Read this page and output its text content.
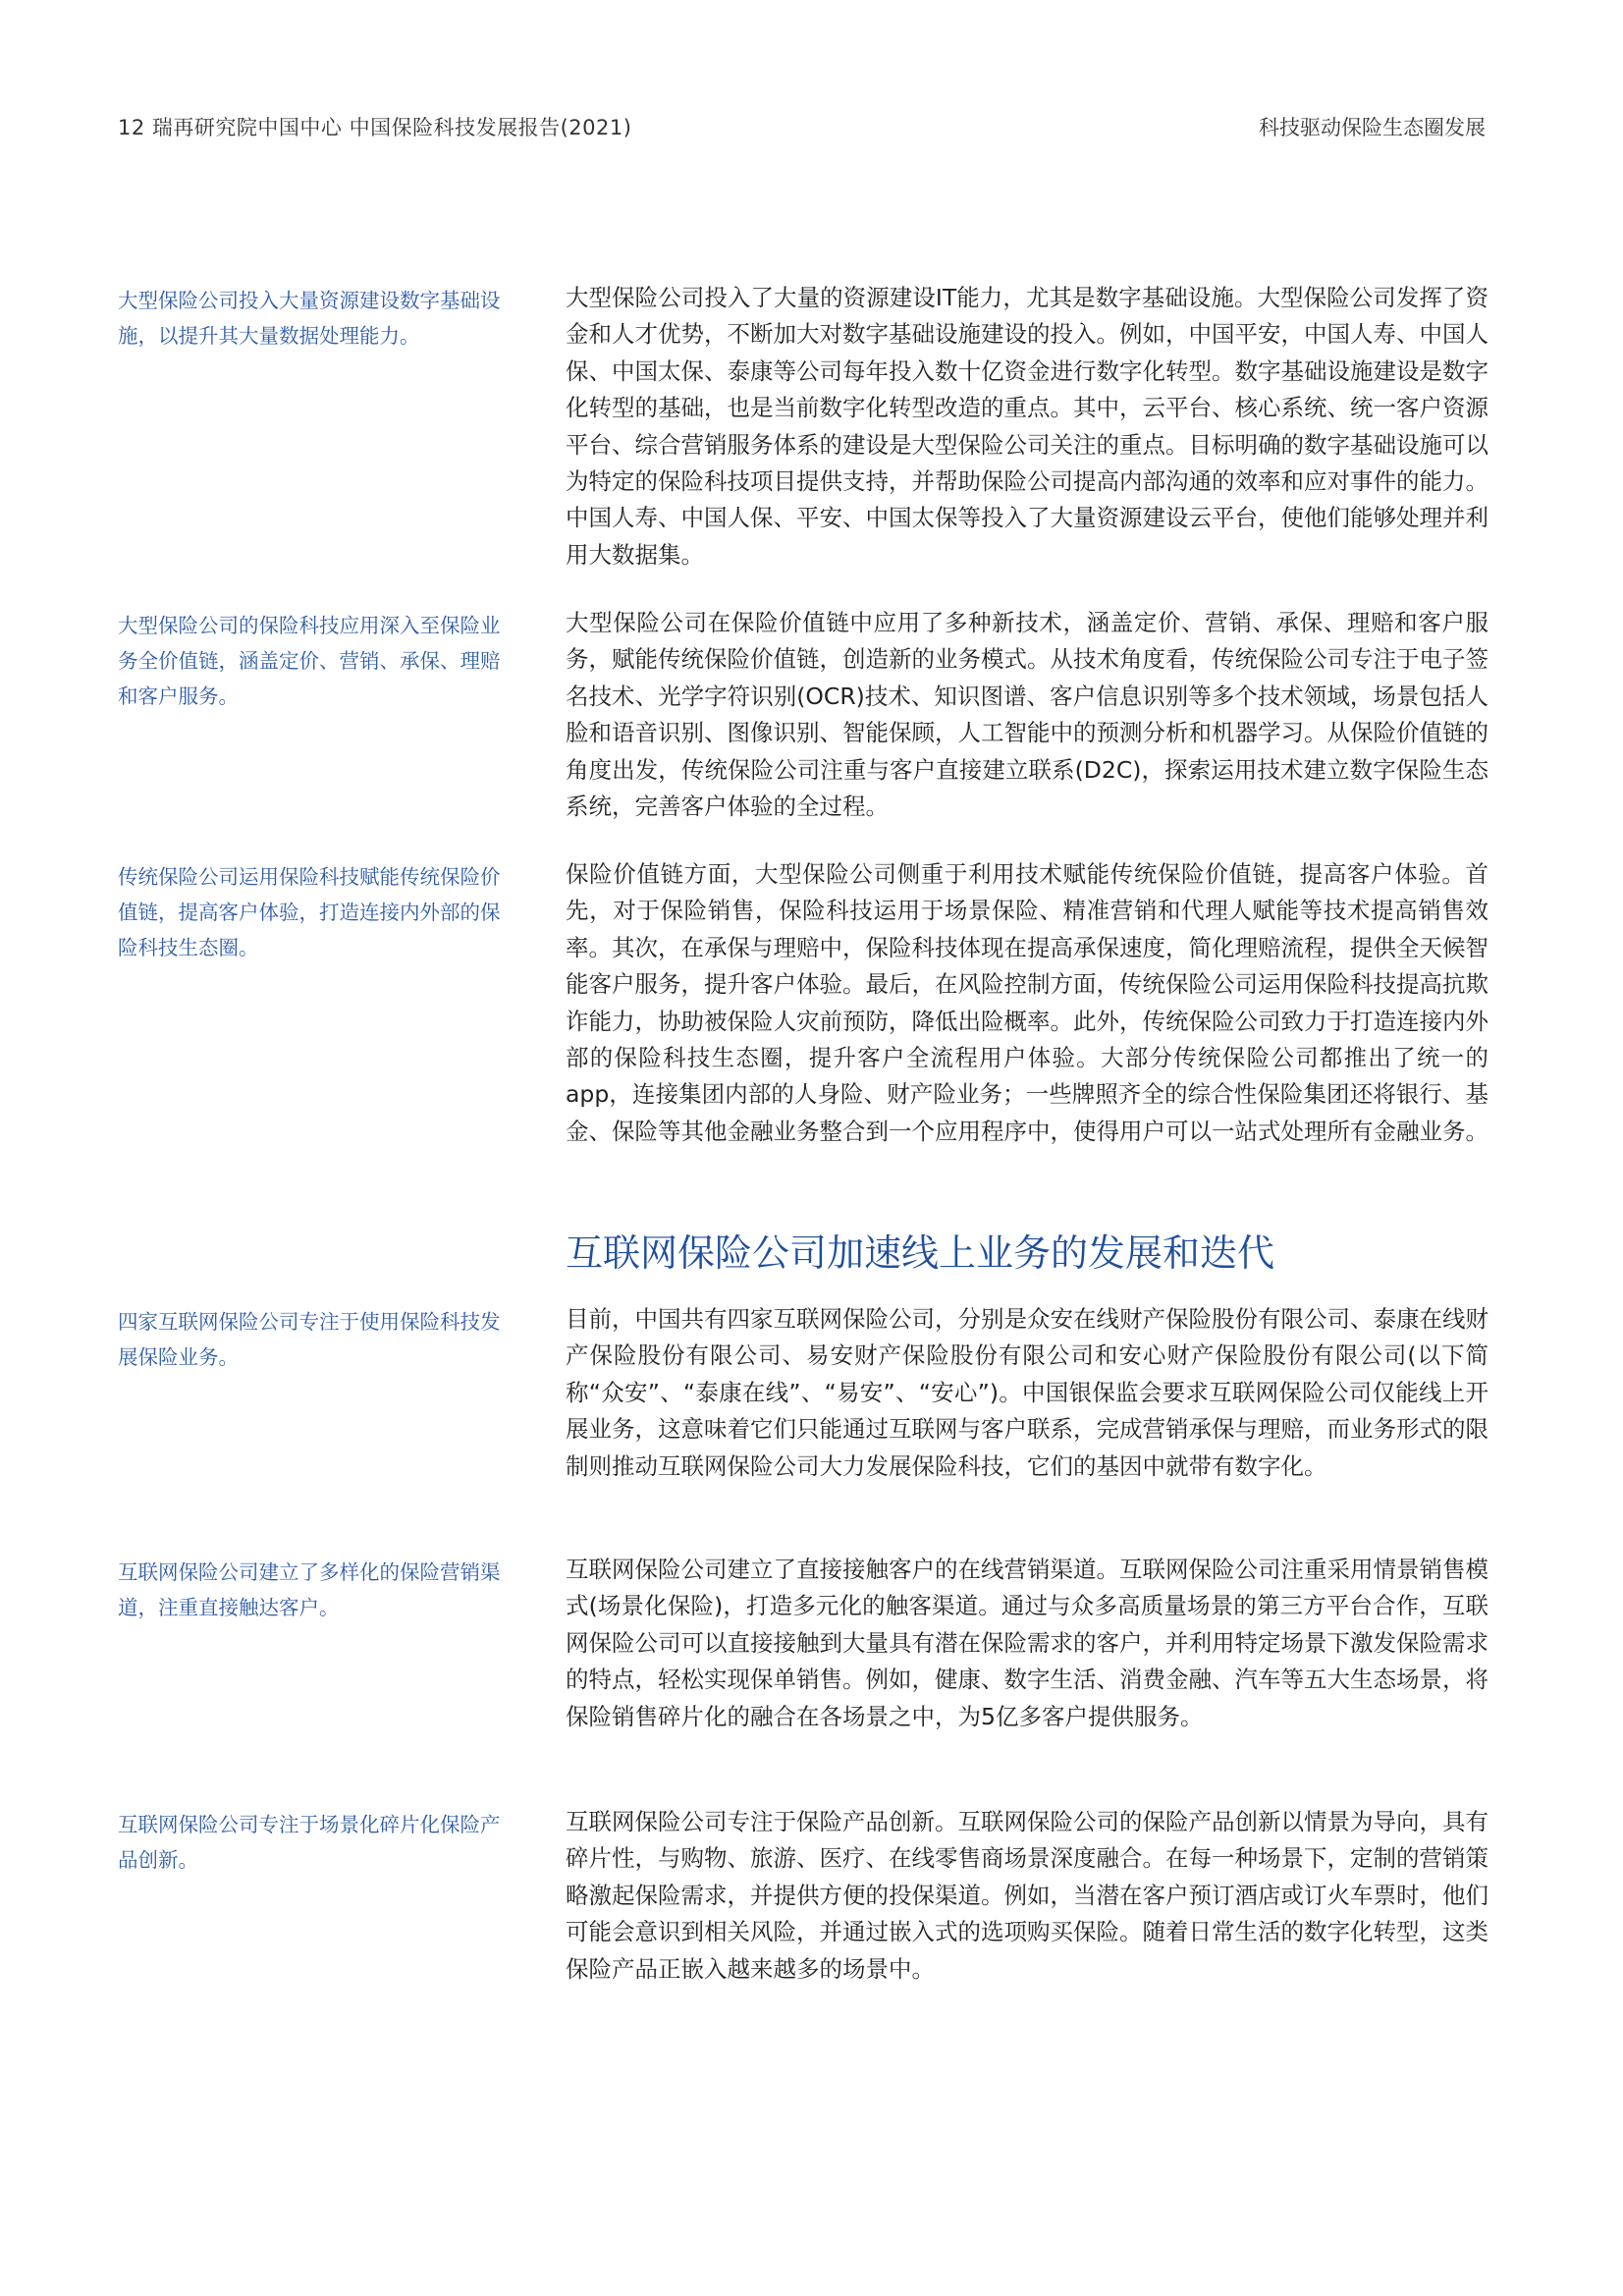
12 瑞再研究院中国中心 中国保险科技发展报告(2021)	科技驱动保险生态圈发展
大型保险公司投入大量资源建设数字基础设施，以提升其大量数据处理能力。
大型保险公司投入了大量的资源建设IT能力，尤其是数字基础设施。大型保险公司发挥了资金和人才优势，不断加大对数字基础设施建设的投入。例如，中国平安，中国人寿、中国人保、中国太保、泰康等公司每年投入数十亿资金进行数字化转型。数字基础设施建设是数字化转型的基础，也是当前数字化转型改造的重点。其中，云平台、核心系统、统一客户资源平台、综合营销服务体系的建设是大型保险公司关注的重点。目标明确的数字基础设施可以为特定的保险科技项目提供支持，并帮助保险公司提高内部沟通的效率和应对事件的能力。中国人寿、中国人保、平安、中国太保等投入了大量资源建设云平台，使他们能够处理并利用大数据集。
大型保险公司的保险科技应用深入至保险业务全价值链，涵盖定价、营销、承保、理赔和客户服务。
大型保险公司在保险价值链中应用了多种新技术，涵盖定价、营销、承保、理赔和客户服务，赋能传统保险价值链，创造新的业务模式。从技术角度看，传统保险公司专注于电子签名技术、光学字符识别(OCR)技术、知识图谱、客户信息识别等多个技术领域，场景包括人脸和语音识别、图像识别、智能保顾，人工智能中的预测分析和机器学习。从保险价值链的角度出发，传统保险公司注重与客户直接建立联系(D2C)，探索运用技术建立数字保险生态系统，完善客户体验的全过程。
传统保险公司运用保险科技赋能传统保险价值链，提高客户体验，打造连接内外部的保险科技生态圈。
保险价值链方面，大型保险公司侧重于利用技术赋能传统保险价值链，提高客户体验。首先，对于保险销售，保险科技运用于场景保险、精准营销和代理人赋能等技术提高销售效率。其次，在承保与理赔中，保险科技体现在提高承保速度，简化理赔流程，提供全天候智能客户服务，提升客户体验。最后，在风险控制方面，传统保险公司运用保险科技提高抗欺诈能力，协助被保险人灾前预防，降低出险概率。此外，传统保险公司致力于打造连接内外部的保险科技生态圈，提升客户全流程用户体验。大部分传统保险公司都推出了统一的app，连接集团内部的人身险、财产险业务；一些牌照齐全的综合性保险集团还将银行、基金、保险等其他金融业务整合到一个应用程序中，使得用户可以一站式处理所有金融业务。
互联网保险公司加速线上业务的发展和迭代
四家互联网保险公司专注于使用保险科技发展保险业务。
目前，中国共有四家互联网保险公司，分别是众安在线财产保险股份有限公司、泰康在线财产保险股份有限公司、易安财产保险股份有限公司和安心财产保险股份有限公司(以下简称“众安”、“泰康在线”、“易安”、“安心”)。中国银保监会要求互联网保险公司仅能线上开展业务，这意味着它们只能通过互联网与客户联系，完成营销承保与理赔，而业务形式的限制则推动互联网保险公司大力发展保险科技，它们的基因中就带有数字化。
互联网保险公司建立了多样化的保险营销渠道，注重直接触达客户。
互联网保险公司建立了直接接触客户的在线营销渠道。互联网保险公司注重采用情景销售模式(场景化保险)，打造多元化的触客渠道。通过与众多高质量场景的第三方平台合作，互联网保险公司可以直接接触到大量具有潜在保险需求的客户，并利用特定场景下激发保险需求的特点，轻松实现保单销售。例如，健康、数字生活、消费金融、汽车等五大生态场景，将保险销售碎片化的融合在各场景之中，为5亿多客户提供服务。
互联网保险公司专注于场景化碎片化保险产品创新。
互联网保险公司专注于保险产品创新。互联网保险公司的保险产品创新以情景为导向，具有碎片性，与购物、旅游、医疗、在线零售商场景深度融合。在每一种场景下，定制的营销策略激起保险需求，并提供方便的投保渠道。例如，当潜在客户预订酒店或订火车票时，他们可能会意识到相关风险，并通过嵌入式的选项购买保险。随着日常生活的数字化转型，这类保险产品正嵌入越来越多的场景中。
